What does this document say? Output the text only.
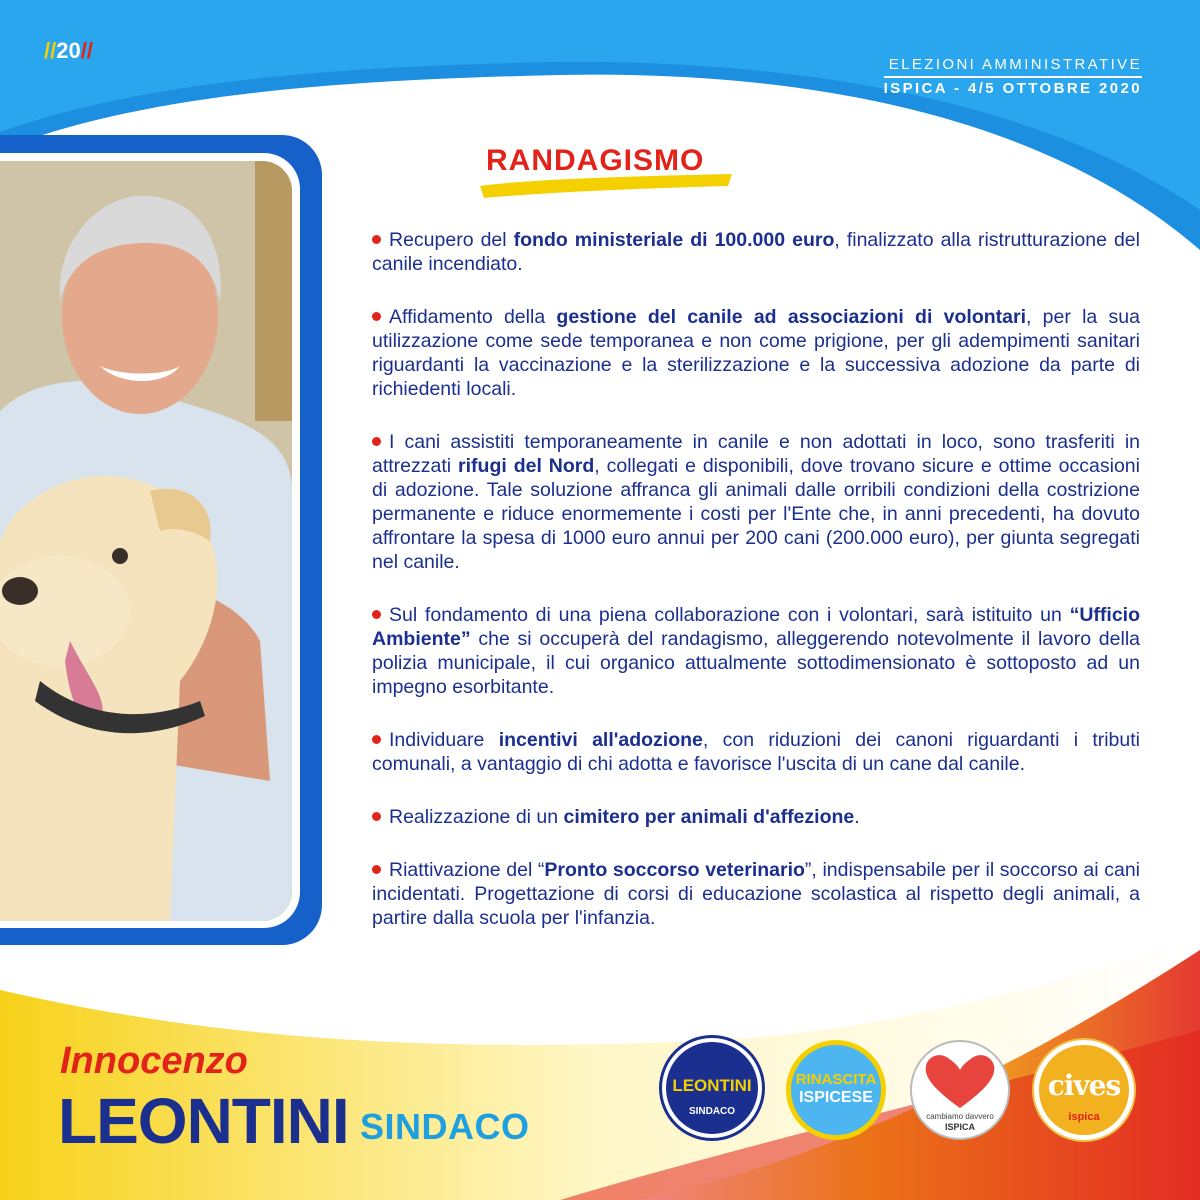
//20//
ELEZIONI AMMINISTRATIVE
ISPICA - 4/5 OTTOBRE 2020
RANDAGISMO
Recupero del fondo ministeriale di 100.000 euro, finalizzato alla ristrutturazione del canile incendiato.
Affidamento della gestione del canile ad associazioni di volontari, per la sua utilizzazione come sede temporanea e non come prigione, per gli adempimenti sanitari riguardanti la vaccinazione e la sterilizzazione e la successiva adozione da parte di richiedenti locali.
I cani assistiti temporaneamente in canile e non adottati in loco, sono trasferiti in attrezzati rifugi del Nord, collegati e disponibili, dove trovano sicure e ottime occasioni di adozione. Tale soluzione affranca gli animali dalle orribili condizioni della costrizione permanente e riduce enormemente i costi per l'Ente che, in anni precedenti, ha dovuto affrontare la spesa di 1000 euro annui per 200 cani (200.000 euro), per giunta segregati nel canile.
Sul fondamento di una piena collaborazione con i volontari, sarà istituito un “Ufficio Ambiente” che si occuperà del randagismo, alleggerendo notevolmente il lavoro della polizia municipale, il cui organico attualmente sottodimensionato è sottoposto ad un impegno esorbitante.
Individuare incentivi all'adozione, con riduzioni dei canoni riguardanti i tributi comunali, a vantaggio di chi adotta e favorisce l'uscita di un cane dal canile.
Realizzazione di un cimitero per animali d'affezione.
Riattivazione del “Pronto soccorso veterinario”, indispensabile per il soccorso ai cani incidentati. Progettazione di corsi di educazione scolastica al rispetto degli animali, a partire dalla scuola per l'infanzia.
Innocenzo
LEONTINI SINDACO
LEONTINI
SINDACO
RINASCITA
ISPICESE
cambiamo davvero
ISPICA
cives
ispica
